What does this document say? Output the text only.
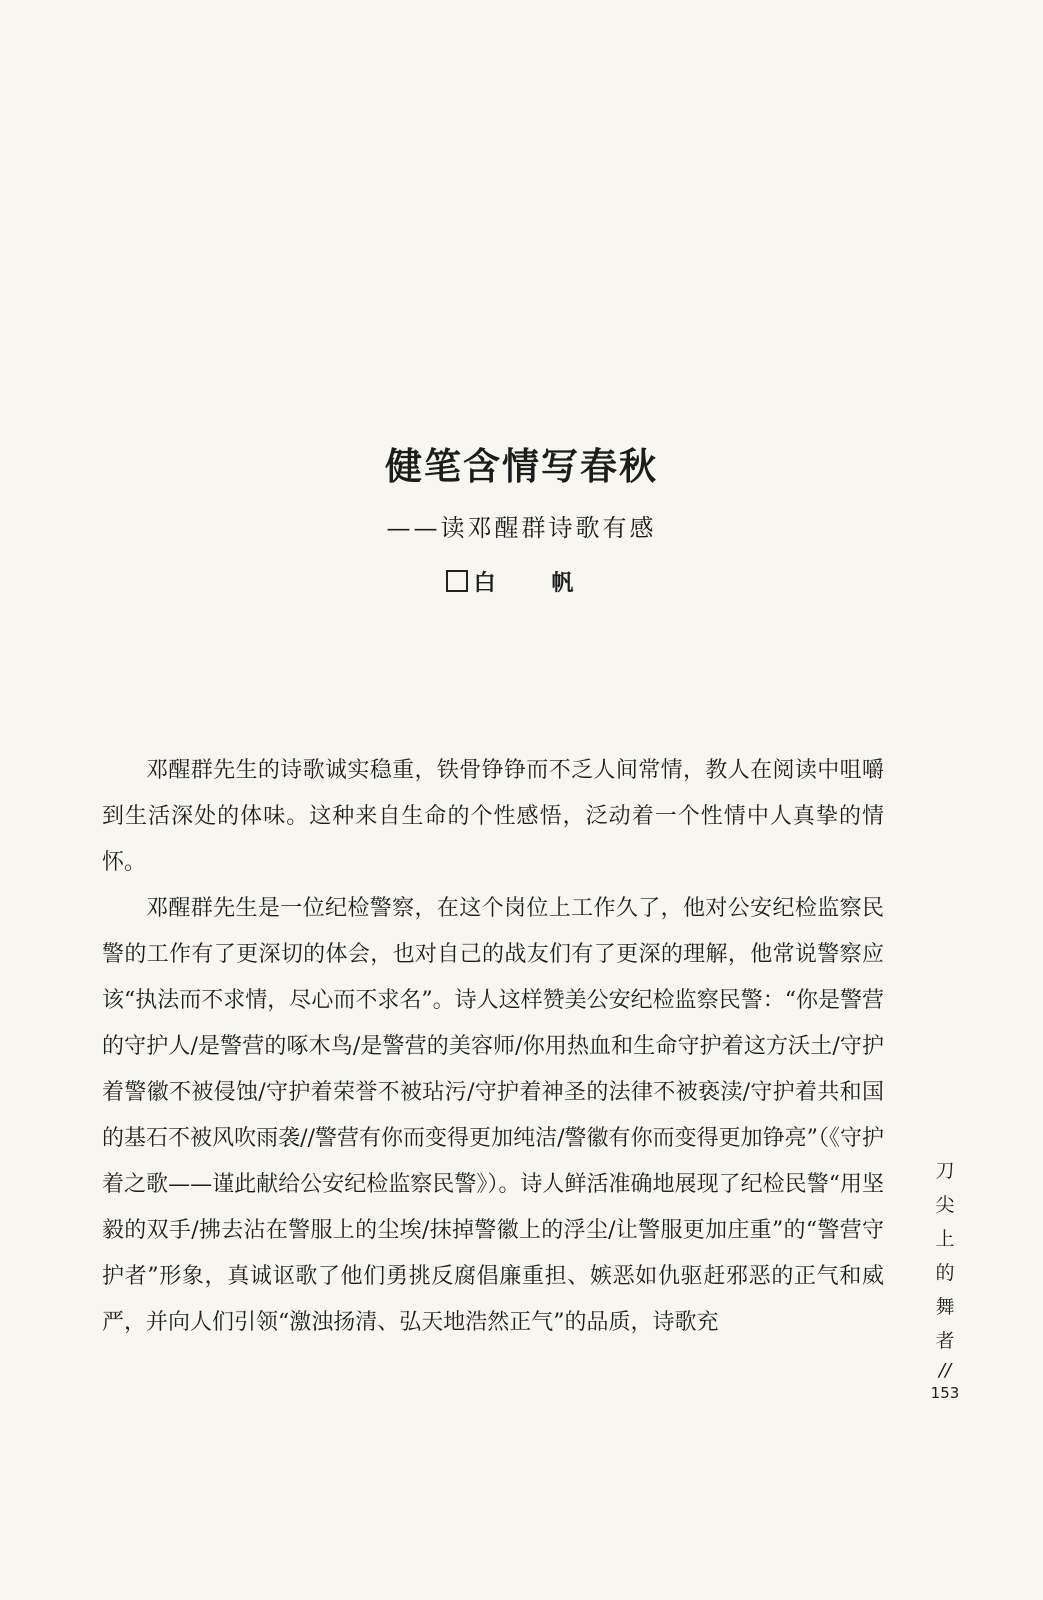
健笔含情写春秋
——读邓醒群诗歌有感
白 帆

邓醒群先生的诗歌诚实稳重，铁骨铮铮而不乏人间常情，教人在阅读中咀嚼到生活深处的体味。这种来自生命的个性感悟，泛动着一个性情中人真挚的情怀。

邓醒群先生是一位纪检警察，在这个岗位上工作久了，他对公安纪检监察民警的工作有了更深切的体会，也对自己的战友们有了更深的理解，他常说警察应该“执法而不求情，尽心而不求名”。诗人这样赞美公安纪检监察民警：“你是警营的守护人/是警营的啄木鸟/是警营的美容师/你用热血和生命守护着这方沃土/守护着警徽不被侵蚀/守护着荣誉不被玷污/守护着神圣的法律不被亵渎/守护着共和国的基石不被风吹雨袭//警营有你而变得更加纯洁/警徽有你而变得更加铮亮”（《守护着之歌——谨此献给公安纪检监察民警》）。诗人鲜活准确地展现了纪检民警“用坚毅的双手/拂去沾在警服上的尘埃/抹掉警徽上的浮尘/让警服更加庄重”的“警营守护者”形象，真诚讴歌了他们勇挑反腐倡廉重担、嫉恶如仇驱赶邪恶的正气和威严，并向人们引领“激浊扬清、弘天地浩然正气”的品质，诗歌充

刀
尖
上
的
舞
者
//
153
